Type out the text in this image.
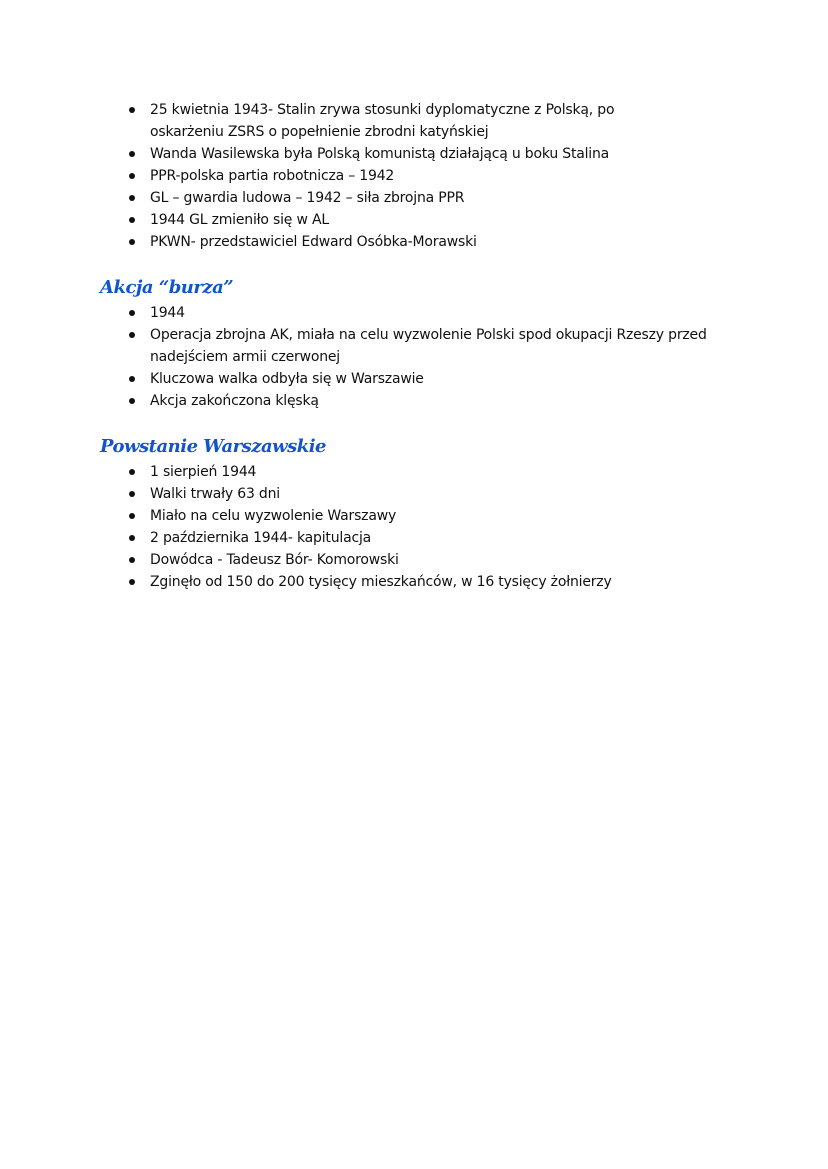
25 kwietnia 1943- Stalin zrywa stosunki dyplomatyczne z Polską, po oskarżeniu ZSRS o popełnienie zbrodni katyńskiej
Wanda Wasilewska była Polską komunistą działającą u boku Stalina
PPR-polska partia robotnicza – 1942
GL – gwardia ludowa – 1942 – siła zbrojna PPR
1944 GL zmieniło się w AL
PKWN- przedstawiciel Edward Osóbka-Morawski
Akcja “burza”
1944
Operacja zbrojna AK, miała na celu wyzwolenie Polski spod okupacji Rzeszy przed nadejściem armii czerwonej
Kluczowa walka odbyła się w Warszawie
Akcja zakończona klęską
Powstanie Warszawskie
1 sierpień 1944
Walki trwały 63 dni
Miało na celu wyzwolenie Warszawy
2 października 1944- kapitulacja
Dowódca - Tadeusz Bór- Komorowski
Zginęło od 150 do 200 tysięcy mieszkańców, w 16 tysięcy żołnierzy
